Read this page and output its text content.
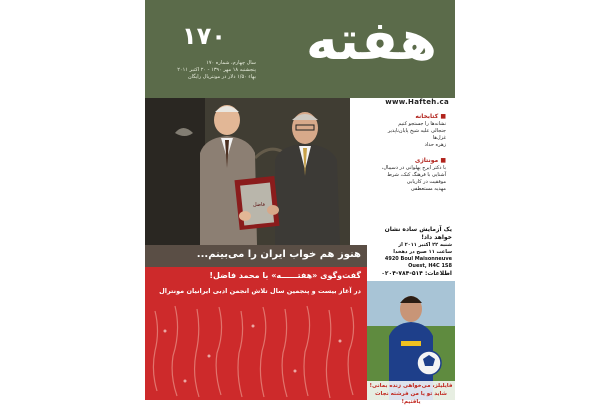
هفته
۱۷۰
سال چهارم، شماره ۱۷۰
پنجشنبه ۱۸ مهر ۱۳۹۰ - ۲۰ اکتبر ۲۰۱۱
بهاء ۱/۵۰ دلار در مونتریال رایگان
فاضل
www.Hafteh.ca
■ کتابخانه
نشانه‌ها را جستجو کنیم
جنجالی علیه شیخ پایان‌ناپذیر
غزل‌ها
زهره حداد
■ مونتاژی
با دکتر ایرج پهلوانی در دسیبال،
آشنایی با فرهنگ کنک، شرط
موفقیت در کاریابی
مهدیه مستعطفی
یک آزمایش ساده نشان خواهد داد!
شنبه ۲۲ اکتبر ۲۰۱۱ از
ساعت ۱۱ صبح در دهخدا
4920 Boul Maisonneuve Ouest, H4C 1S8
اطلاعات: ۵۱۴-۷۸۴-۰۲۰۴
هنوز هم خواب ایران را می‌بینم...
گفت‌وگوی «هفتــــــه» با محمد فاضل!
در آغاز بیست و پنجمین سال تلاش انجمن ادبی ایرانیان مونترال
فایلیلز، می‌خواهی زنده بمانی!
شاید تو یا من فرشته نجات یافتیم!
